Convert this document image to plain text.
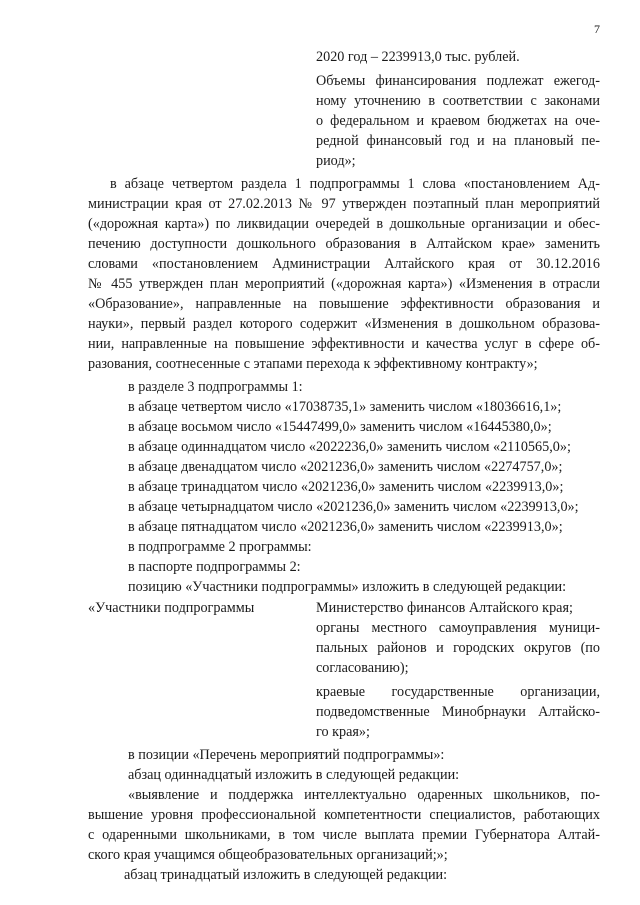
7
2020 год – 2239913,0 тыс. рублей.
Объемы финансирования подлежат ежегод-
ному уточнению в соответствии с законами
о федеральном и краевом бюджетах на оче-
редной финансовый год и на плановый пе-
риод»;
в абзаце четвертом раздела 1 подпрограммы 1 слова «постановлением Ад-
министрации края от 27.02.2013 № 97 утвержден поэтапный план мероприятий
(«дорожная карта») по ликвидации очередей в дошкольные организации и обес-
печению доступности дошкольного образования в Алтайском крае» заменить
словами «постановлением Администрации Алтайского края от 30.12.2016
№ 455 утвержден план мероприятий («дорожная карта») «Изменения в отрасли
«Образование», направленные на повышение эффективности образования и
науки», первый раздел которого содержит «Изменения в дошкольном образова-
нии, направленные на повышение эффективности и качества услуг в сфере об-
разования, соотнесенные с этапами перехода к эффективному контракту»;
в разделе 3 подпрограммы 1:
в абзаце четвертом число «17038735,1» заменить числом «18036616,1»;
в абзаце восьмом число «15447499,0» заменить числом «16445380,0»;
в абзаце одиннадцатом число «2022236,0» заменить числом «2110565,0»;
в абзаце двенадцатом число «2021236,0» заменить числом «2274757,0»;
в абзаце тринадцатом число «2021236,0» заменить числом «2239913,0»;
в абзаце четырнадцатом число «2021236,0» заменить числом «2239913,0»;
в абзаце пятнадцатом число «2021236,0» заменить числом «2239913,0»;
в подпрограмме 2 программы:
в паспорте подпрограммы 2:
позицию «Участники подпрограммы» изложить в следующей редакции:
«Участники подпрограммы	Министерство финансов Алтайского края;
органы местного самоуправления муници-
пальных районов и городских округов (по
согласованию);
краевые государственные организации,
подведомственные Минобрнауки Алтайско-
го края»;
в позиции «Перечень мероприятий подпрограммы»:
абзац одиннадцатый изложить в следующей редакции:
«выявление и поддержка интеллектуально одаренных школьников, по-
вышение уровня профессиональной компетентности специалистов, работающих
с одаренными школьниками, в том числе выплата премии Губернатора Алтай-
ского края учащимся общеобразовательных организаций;»;
абзац тринадцатый изложить в следующей редакции:
